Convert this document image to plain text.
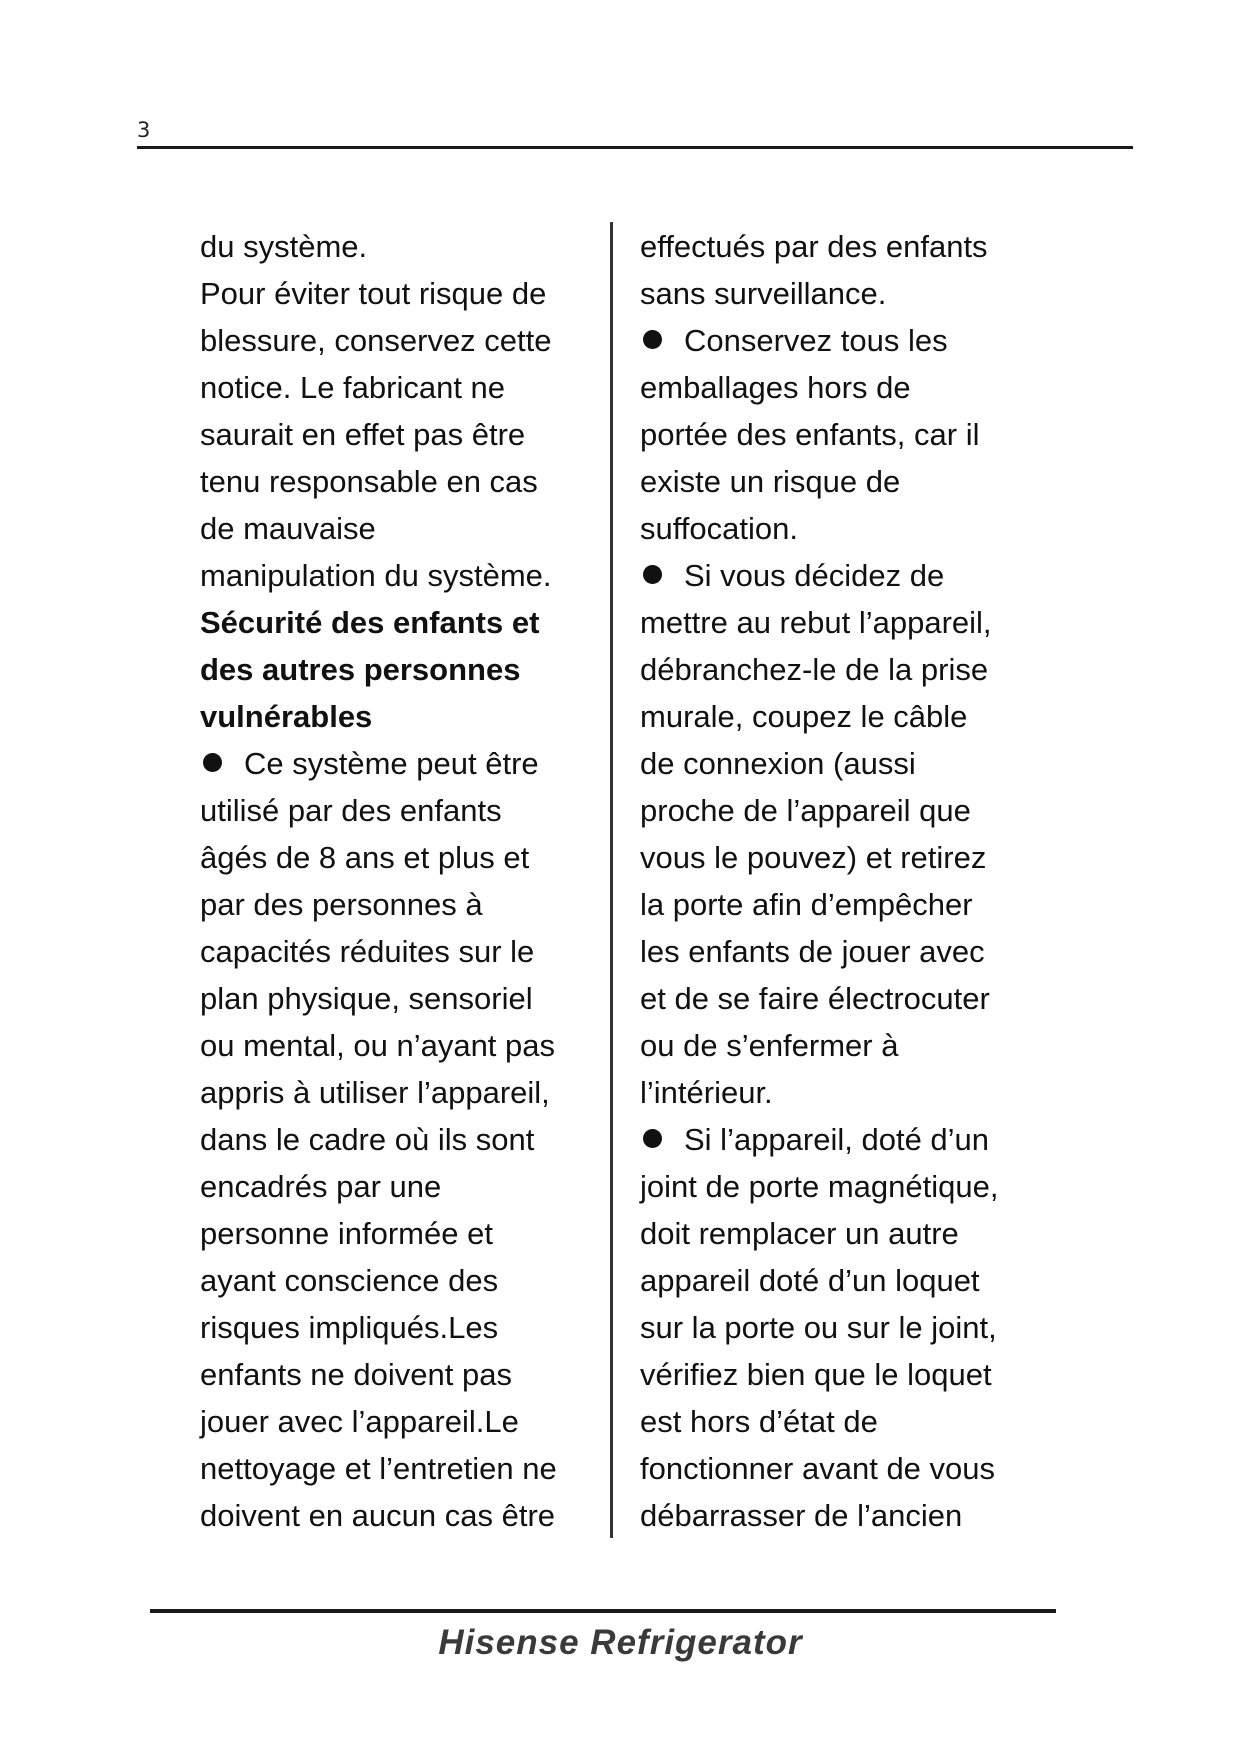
3
du système.
Pour éviter tout risque de
blessure, conservez cette
notice. Le fabricant ne
saurait en effet pas être
tenu responsable en cas
de mauvaise
manipulation du système.
Sécurité des enfants et
des autres personnes
vulnérables
Ce système peut être
utilisé par des enfants
âgés de 8 ans et plus et
par des personnes à
capacités réduites sur le
plan physique, sensoriel
ou mental, ou n’ayant pas
appris à utiliser l’appareil,
dans le cadre où ils sont
encadrés par une
personne informée et
ayant conscience des
risques impliqués.Les
enfants ne doivent pas
jouer avec l’appareil.Le
nettoyage et l’entretien ne
doivent en aucun cas être
effectués par des enfants
sans surveillance.
Conservez tous les
emballages hors de
portée des enfants, car il
existe un risque de
suffocation.
Si vous décidez de
mettre au rebut l’appareil,
débranchez-le de la prise
murale, coupez le câble
de connexion (aussi
proche de l’appareil que
vous le pouvez) et retirez
la porte afin d’empêcher
les enfants de jouer avec
et de se faire électrocuter
ou de s’enfermer à
l’intérieur.
Si l’appareil, doté d’un
joint de porte magnétique,
doit remplacer un autre
appareil doté d’un loquet
sur la porte ou sur le joint,
vérifiez bien que le loquet
est hors d’état de
fonctionner avant de vous
débarrasser de l’ancien
Hisense Refrigerator
